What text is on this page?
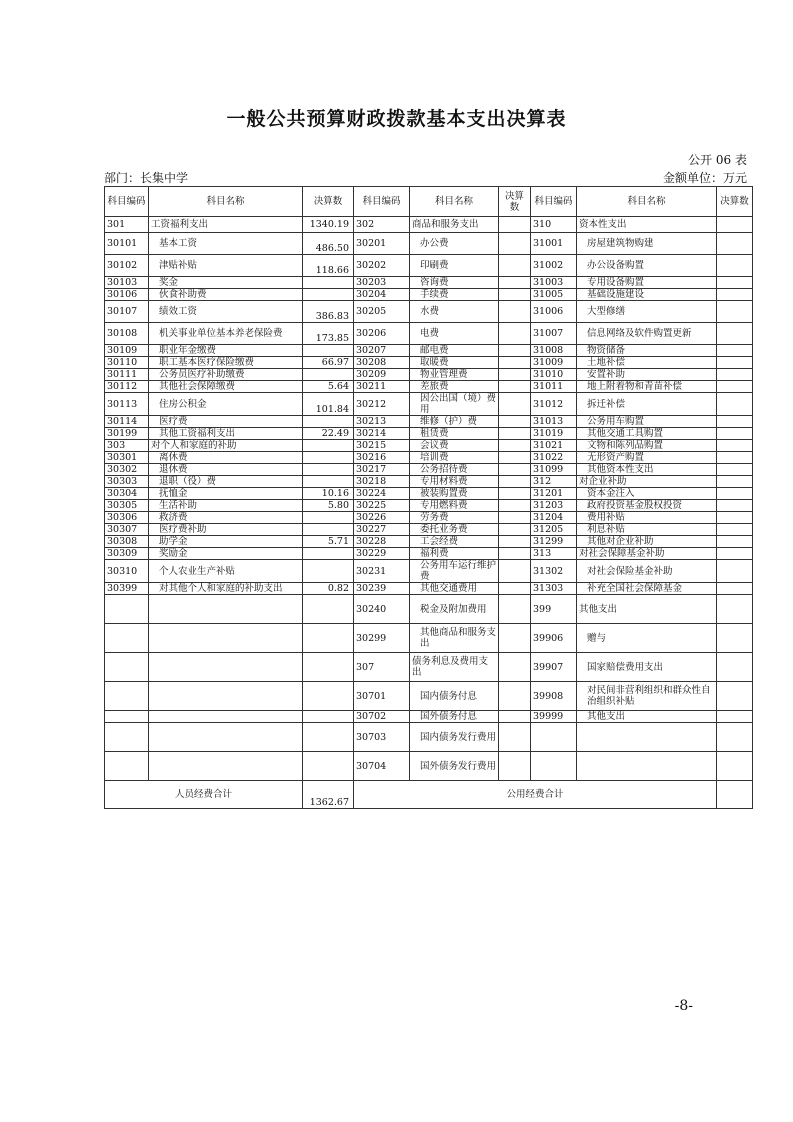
一般公共预算财政拨款基本支出决算表
公开 06 表
部门：长集中学	金额单位：万元
科目编码	科目名称	决算数	科目编码	科目名称	决算数	科目编码	科目名称	决算数
301	工资福利支出	1340.19	302	商品和服务支出		310	资本性支出	
30101	基本工资	486.50	30201	办公费		31001	房屋建筑物购建	
30102	津贴补贴	118.66	30202	印刷费		31002	办公设备购置	
30103	奖金		30203	咨询费		31003	专用设备购置	
30106	伙食补助费		30204	手续费		31005	基础设施建设	
30107	绩效工资	386.83	30205	水费		31006	大型修缮	
30108	机关事业单位基本养老保险费	173.85	30206	电费		31007	信息网络及软件购置更新	
30109	职业年金缴费		30207	邮电费		31008	物资储备	
30110	职工基本医疗保险缴费	66.97	30208	取暖费		31009	土地补偿	
30111	公务员医疗补助缴费		30209	物业管理费		31010	安置补助	
30112	其他社会保障缴费	5.64	30211	差旅费		31011	地上附着物和青苗补偿	
30113	住房公积金	101.84	30212	因公出国（境）费用		31012	拆迁补偿	
30114	医疗费		30213	维修（护）费		31013	公务用车购置	
30199	其他工资福利支出	22.49	30214	租赁费		31019	其他交通工具购置	
303	对个人和家庭的补助		30215	会议费		31021	文物和陈列品购置	
30301	离休费		30216	培训费		31022	无形资产购置	
30302	退休费		30217	公务招待费		31099	其他资本性支出	
30303	退职（役）费		30218	专用材料费		312	对企业补助	
30304	抚恤金	10.16	30224	被装购置费		31201	资本金注入	
30305	生活补助	5.80	30225	专用燃料费		31203	政府投资基金股权投资	
30306	救济费		30226	劳务费		31204	费用补贴	
30307	医疗费补助		30227	委托业务费		31205	利息补贴	
30308	助学金	5.71	30228	工会经费		31299	其他对企业补助	
30309	奖励金		30229	福利费		313	对社会保障基金补助	
30310	个人农业生产补贴		30231	公务用车运行维护费		31302	对社会保险基金补助	
30399	对其他个人和家庭的补助支出	0.82	30239	其他交通费用		31303	补充全国社会保障基金	
			30240	税金及附加费用		399	其他支出	
			30299	其他商品和服务支出		39906	赠与	
			307	债务利息及费用支出		39907	国家赔偿费用支出	
			30701	国内债务付息		39908	对民间非营利组织和群众性自治组织补贴	
			30702	国外债务付息		39999	其他支出	
			30703	国内债务发行费用				
			30704	国外债务发行费用				
人员经费合计		1362.67	公用经费合计					
-8-
